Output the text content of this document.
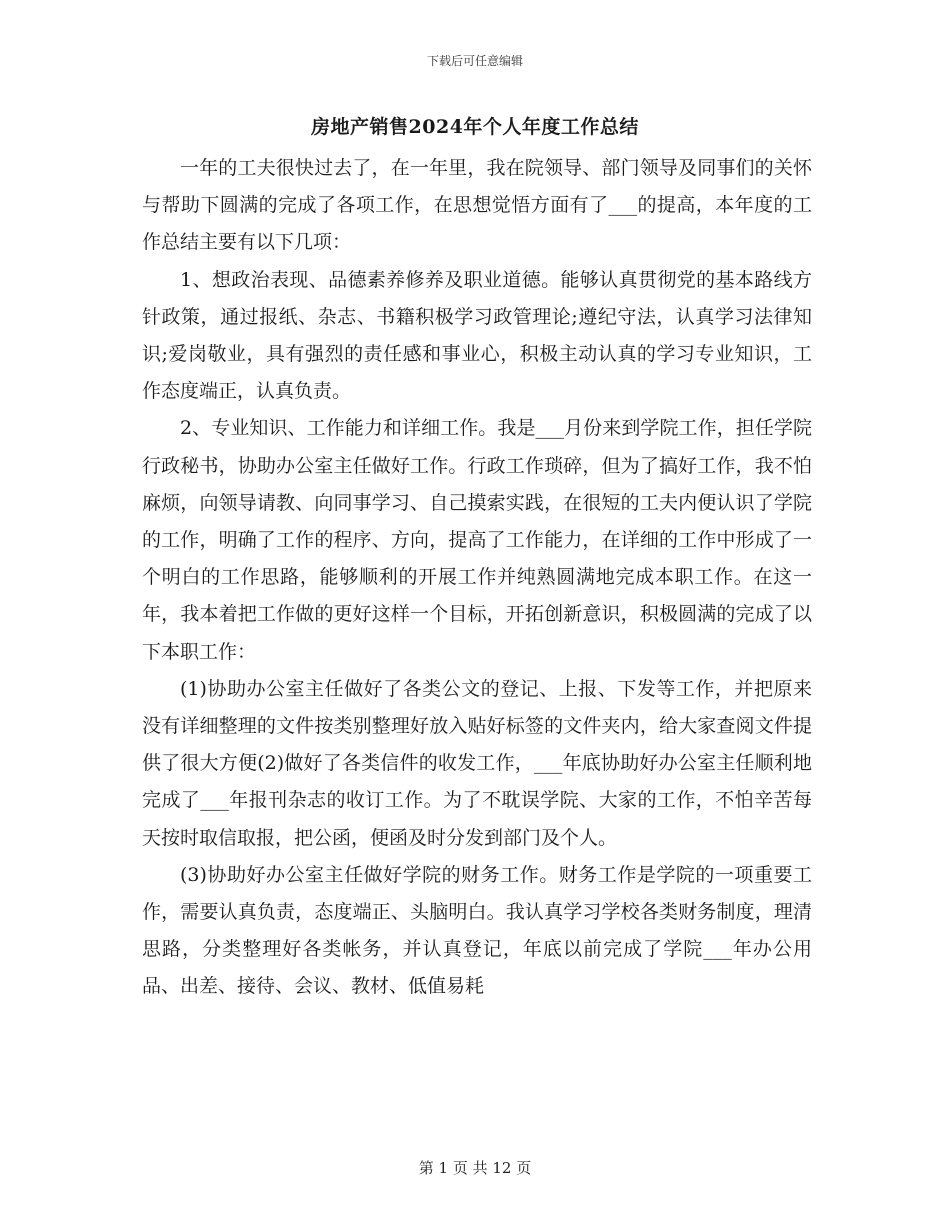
下载后可任意编辑
房地产销售2024年个人年度工作总结

一年的工夫很快过去了，在一年里，我在院领导、部门领导及同事们的关怀与帮助下圆满的完成了各项工作，在思想觉悟方面有了___的提高，本年度的工作总结主要有以下几项：

1、想政治表现、品德素养修养及职业道德。能够认真贯彻党的基本路线方针政策，通过报纸、杂志、书籍积极学习政管理论;遵纪守法，认真学习法律知识;爱岗敬业，具有强烈的责任感和事业心，积极主动认真的学习专业知识，工作态度端正，认真负责。

2、专业知识、工作能力和详细工作。我是___月份来到学院工作，担任学院行政秘书，协助办公室主任做好工作。行政工作琐碎，但为了搞好工作，我不怕麻烦，向领导请教、向同事学习、自己摸索实践，在很短的工夫内便认识了学院的工作，明确了工作的程序、方向，提高了工作能力，在详细的工作中形成了一个明白的工作思路，能够顺利的开展工作并纯熟圆满地完成本职工作。在这一年，我本着把工作做的更好这样一个目标，开拓创新意识，积极圆满的完成了以下本职工作：

(1)协助办公室主任做好了各类公文的登记、上报、下发等工作，并把原来没有详细整理的文件按类别整理好放入贴好标签的文件夹内，给大家查阅文件提供了很大方便(2)做好了各类信件的收发工作，___年底协助好办公室主任顺利地完成了___年报刊杂志的收订工作。为了不耽误学院、大家的工作，不怕辛苦每天按时取信取报，把公函，便函及时分发到部门及个人。

(3)协助好办公室主任做好学院的财务工作。财务工作是学院的一项重要工作，需要认真负责，态度端正、头脑明白。我认真学习学校各类财务制度，理清思路，分类整理好各类帐务，并认真登记，年底以前完成了学院___年办公用品、出差、接待、会议、教材、低值易耗

第 1 页 共 12 页
